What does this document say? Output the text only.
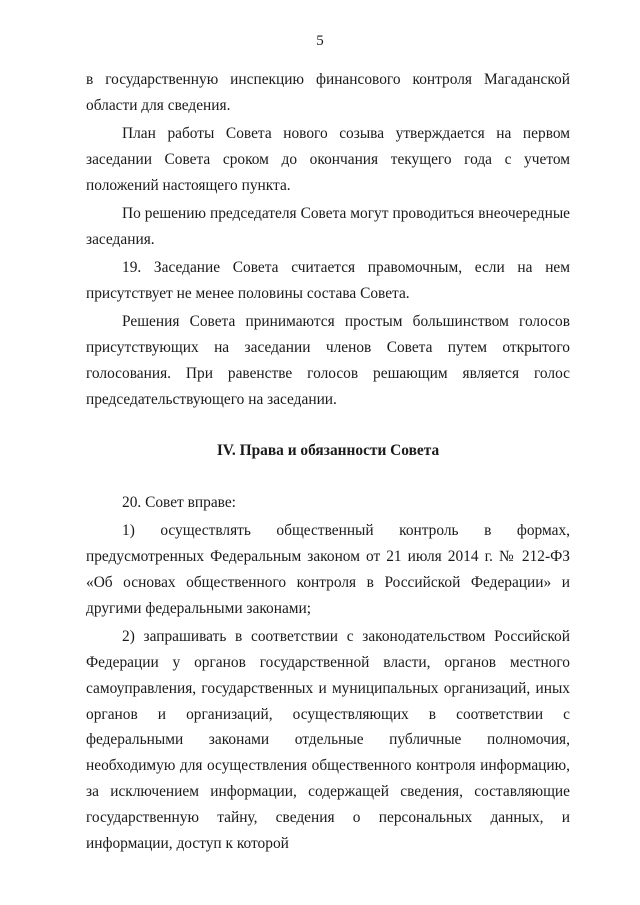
5

в государственную инспекцию финансового контроля Магаданской области для сведения.

План работы Совета нового созыва утверждается на первом заседании Совета сроком до окончания текущего года с учетом положений настоящего пункта.

По решению председателя Совета могут проводиться внеочередные заседания.

19. Заседание Совета считается правомочным, если на нем присутствует не менее половины состава Совета.

Решения Совета принимаются простым большинством голосов присутствующих на заседании членов Совета путем открытого голосования. При равенстве голосов решающим является голос председательствующего на заседании.

IV. Права и обязанности Совета

20. Совет вправе:

1) осуществлять общественный контроль в формах, предусмотренных Федеральным законом от 21 июля 2014 г. № 212-ФЗ «Об основах общественного контроля в Российской Федерации» и другими федеральными законами;

2) запрашивать в соответствии с законодательством Российской Федерации у органов государственной власти, органов местного самоуправления, государственных и муниципальных организаций, иных органов и организаций, осуществляющих в соответствии с федеральными законами отдельные публичные полномочия, необходимую для осуществления общественного контроля информацию, за исключением информации, содержащей сведения, составляющие государственную тайну, сведения о персональных данных, и информации, доступ к которой
